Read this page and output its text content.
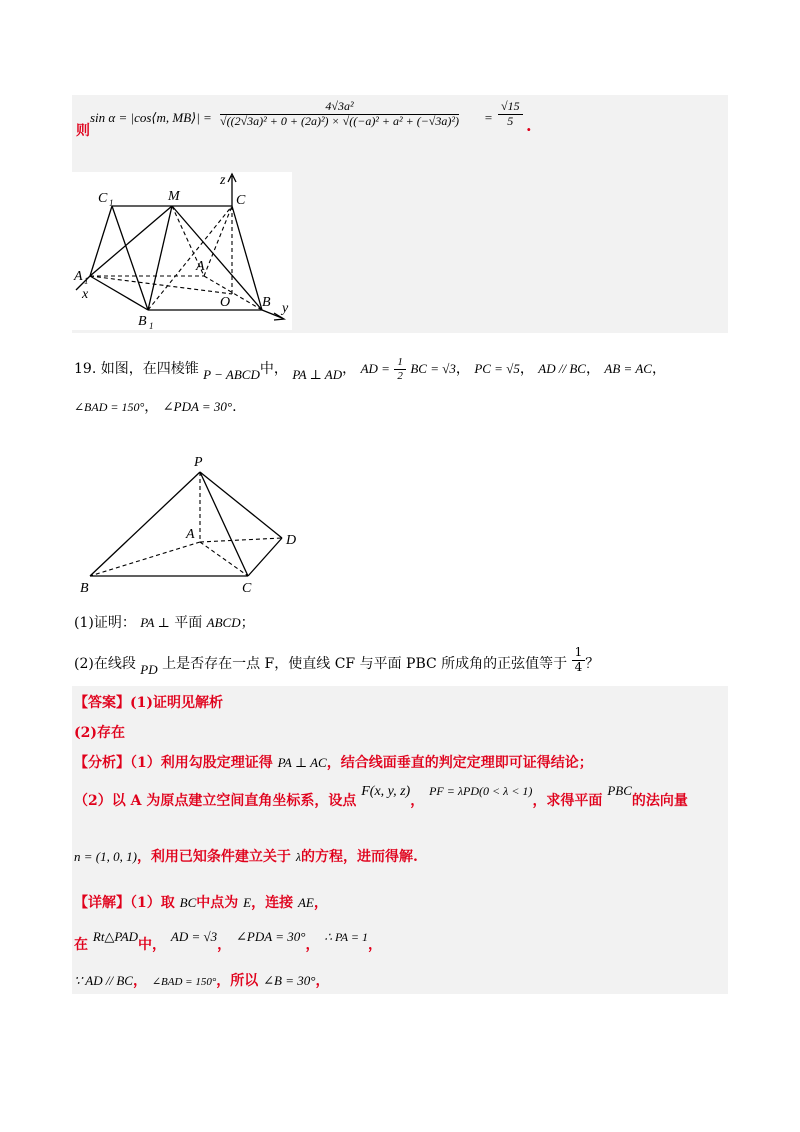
则
sin α = |cos⟨m, MB⟩| = $\frac{\text{4√3a²}}{\text{√((2√3a)² + 0 + (2a)²) × √((−a)² + a² + (−√3a)²)}} = \frac{√15}{5}$ .
C 1	M	C
z
A 1
A
x
O B y
B 1
19. 如图，在四棱锥 P − ABCD中， PA ⊥ AD， AD = $\frac{1}{2}$ BC = √3， PC = √5， AD // BC， AB = AC，
∠BAD = 150°， ∠PDA = 30°.
P
A	D
B	C
(1)证明： PA ⊥ 平面 ABCD；
(2)在线段 PD 上是否存在一点 F，使直线 CF 与平面 PBC 所成角的正弦值等于 $\frac{1}{4}$ ？
【答案】(1)证明见解析
(2)存在
【分析】（1）利用勾股定理证得 PA ⊥ AC，结合线面垂直的判定定理即可证得结论；
（2）以 A 为原点建立空间直角坐标系，设点 F(x, y, z)， PF = λPD(0 < λ < 1)，求得平面 PBC的法向量
n = (1, 0, 1)，利用已知条件建立关于 λ的方程，进而得解.
【详解】（1）取 BC中点为 E，连接 AE，
在 Rt△PAD中， AD = √3， ∠PDA = 30°， ∴ PA = 1，
∵ AD // BC， ∠BAD = 150°，所以 ∠B = 30°，
